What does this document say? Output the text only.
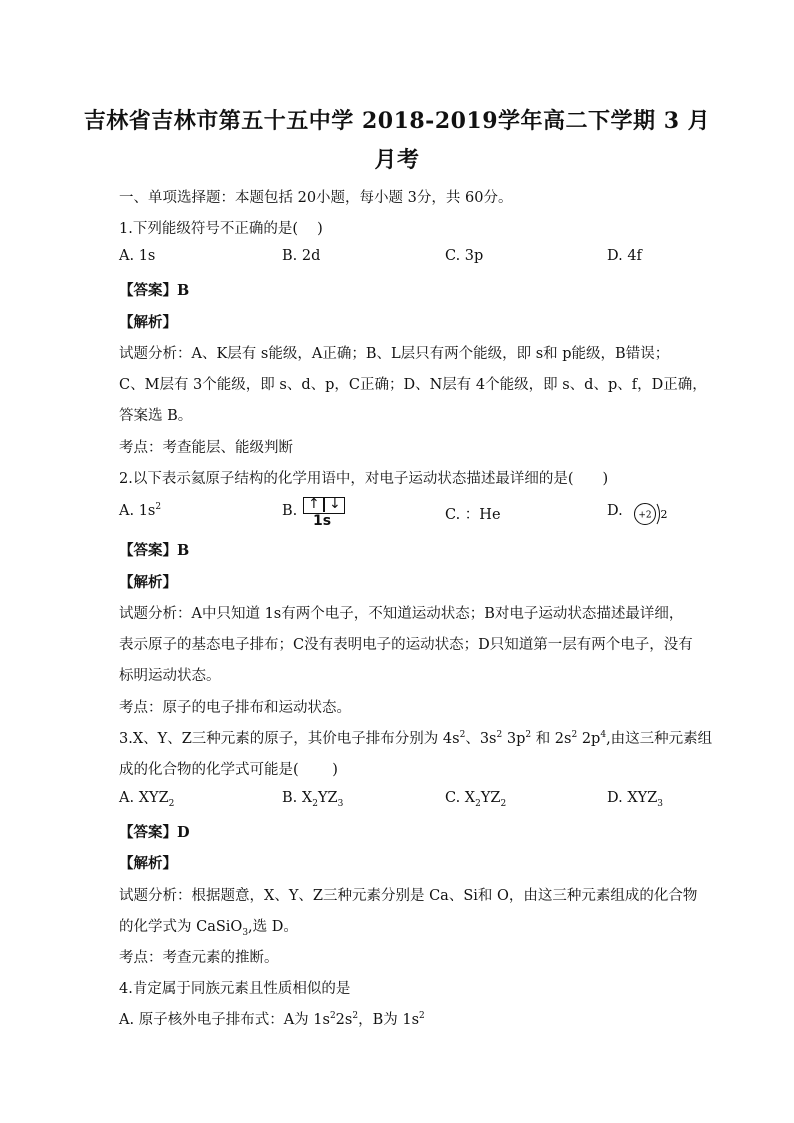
吉林省吉林市第五十五中学 2018-2019学年高二下学期 3 月
月考
一、单项选择题：本题包括 20小题，每小题 3分，共 60分。
1.下列能级符号不正确的是(　 )
A. 1s	B. 2d	C. 3p	D. 4f
【答案】B
【解析】
试题分析：A、K层有 s能级，A正确；B、L层只有两个能级，即 s和 p能级，B错误；
C、M层有 3个能级，即 s、d、p，C正确；D、N层有 4个能级，即 s、d、p、f，D正确，
答案选 B。
考点：考查能层、能级判断
2.以下表示氦原子结构的化学用语中，对电子运动状态描述最详细的是(　　)
A. $1s^2$	B. ↑ ↓
1s	C. ：He	D. +2 2
【答案】B
【解析】
试题分析：A中只知道 1s有两个电子，不知道运动状态；B对电子运动状态描述最详细，
表示原子的基态电子排布；C没有表明电子的运动状态；D只知道第一层有两个电子，没有
标明运动状态。
考点：原子的电子排布和运动状态。
3.X、Y、Z三种元素的原子，其价电子排布分别为 $4s^2$、$3s^2$ $3p^2$ 和 $2s^2$ $2p^4$,由这三种元素组
成的化合物的化学式可能是(　　 )
A. $XYZ_2$	B. $X_2YZ_3$	C. $X_2YZ_2$	D. $XYZ_3$
【答案】D
【解析】
试题分析：根据题意，X、Y、Z三种元素分别是 Ca、Si和 O，由这三种元素组成的化合物
的化学式为 CaSiO$_3$,选 D。
考点：考查元素的推断。
4.肯定属于同族元素且性质相似的是
A. 原子核外电子排布式：A为 $1s^22s^2$，B为 $1s^2$
